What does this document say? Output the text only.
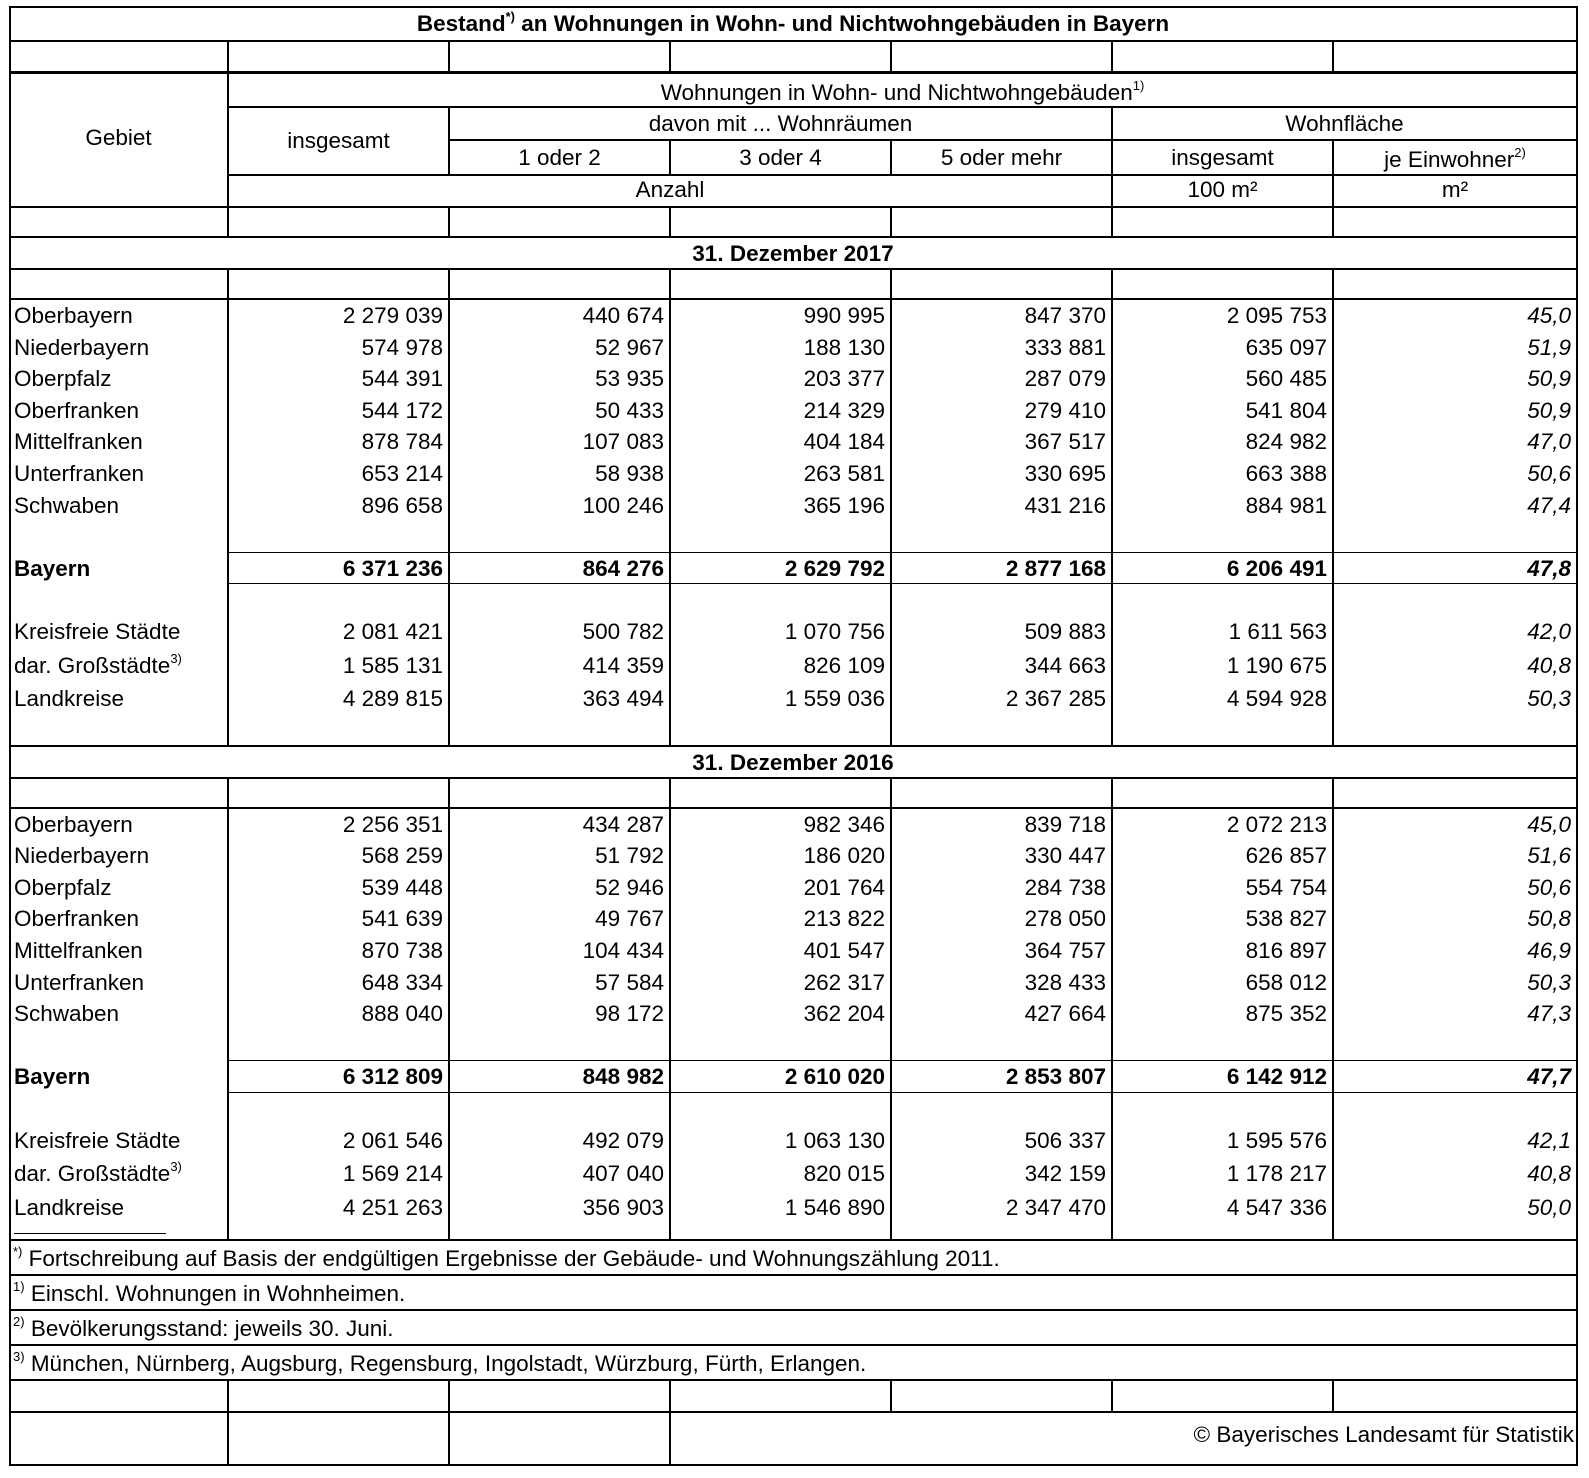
Bestand*) an Wohnungen in Wohn- und Nichtwohngebäuden in Bayern
Gebiet
Wohnungen in Wohn- und Nichtwohngebäuden$^{1)}$
insgesamt
davon mit ... Wohnräumen	Wohnfläche
1 oder 2	3 oder 4	5 oder mehr	insgesamt	je Einwohner$^{2)}$
Anzahl	100 m²	m²
31. Dezember 2017
Oberbayern	2 279 039	440 674	990 995	847 370	2 095 753	45,0
Niederbayern	574 978	52 967	188 130	333 881	635 097	51,9
Oberpfalz	544 391	53 935	203 377	287 079	560 485	50,9
Oberfranken	544 172	50 433	214 329	279 410	541 804	50,9
Mittelfranken	878 784	107 083	404 184	367 517	824 982	47,0
Unterfranken	653 214	58 938	263 581	330 695	663 388	50,6
Schwaben	896 658	100 246	365 196	431 216	884 981	47,4
Bayern	6 371 236	864 276	2 629 792	2 877 168	6 206 491	47,8
Kreisfreie Städte	2 081 421	500 782	1 070 756	509 883	1 611 563	42,0
dar. Großstädte$^{3)}$	1 585 131	414 359	826 109	344 663	1 190 675	40,8
Landkreise	4 289 815	363 494	1 559 036	2 367 285	4 594 928	50,3
31. Dezember 2016
Oberbayern	2 256 351	434 287	982 346	839 718	2 072 213	45,0
Niederbayern	568 259	51 792	186 020	330 447	626 857	51,6
Oberpfalz	539 448	52 946	201 764	284 738	554 754	50,6
Oberfranken	541 639	49 767	213 822	278 050	538 827	50,8
Mittelfranken	870 738	104 434	401 547	364 757	816 897	46,9
Unterfranken	648 334	57 584	262 317	328 433	658 012	50,3
Schwaben	888 040	98 172	362 204	427 664	875 352	47,3
Bayern	6 312 809	848 982	2 610 020	2 853 807	6 142 912	47,7
Kreisfreie Städte	2 061 546	492 079	1 063 130	506 337	1 595 576	42,1
dar. Großstädte$^{3)}$	1 569 214	407 040	820 015	342 159	1 178 217	40,8
Landkreise	4 251 263	356 903	1 546 890	2 347 470	4 547 336	50,0
*) Fortschreibung auf Basis der endgültigen Ergebnisse der Gebäude- und Wohnungszählung 2011.
$^{1)}$ Einschl. Wohnungen in Wohnheimen.
$^{2)}$ Bevölkerungsstand: jeweils 30. Juni.
$^{3)}$ München, Nürnberg, Augsburg, Regensburg, Ingolstadt, Würzburg, Fürth, Erlangen.
© Bayerisches Landesamt für Statistik
